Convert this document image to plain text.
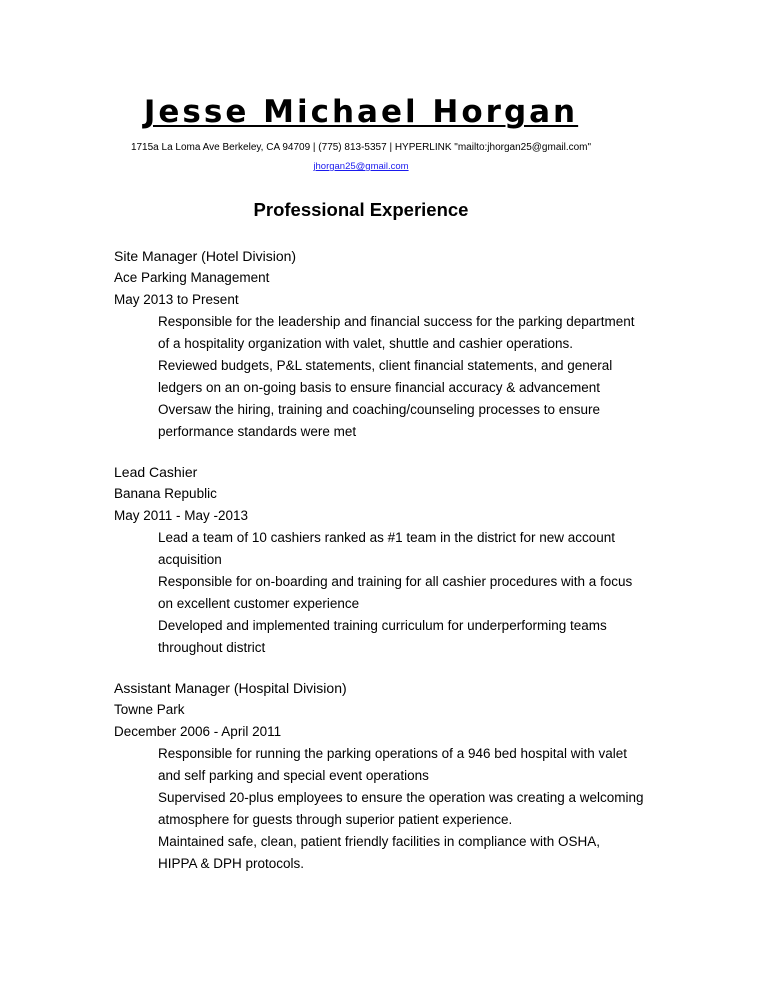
Jesse Michael Horgan

1715a La Loma Ave Berkeley, CA 94709 | (775) 813-5357 | HYPERLINK "mailto:jhorgan25@gmail.com"

jhorgan25@gmail.com

Professional Experience
Site Manager (Hotel Division)
Ace Parking Management
May 2013 to Present
Responsible for the leadership and financial success for the parking department
of a hospitality organization with valet, shuttle and cashier operations.
Reviewed budgets, P&L statements, client financial statements, and general
ledgers on an on-going basis to ensure financial accuracy & advancement
Oversaw the hiring, training and coaching/counseling processes to ensure
performance standards were met
Lead Cashier
Banana Republic
May 2011 - May -2013
Lead a team of 10 cashiers ranked as #1 team in the district for new account
acquisition
Responsible for on-boarding and training for all cashier procedures with a focus
on excellent customer experience
Developed and implemented training curriculum for underperforming teams
throughout district
Assistant Manager (Hospital Division)
Towne Park
December 2006 - April 2011
Responsible for running the parking operations of a 946 bed hospital with valet
and self parking and special event operations
Supervised 20-plus employees to ensure the operation was creating a welcoming
atmosphere for guests through superior patient experience.
Maintained safe, clean, patient friendly facilities in compliance with OSHA,
HIPPA & DPH protocols.
